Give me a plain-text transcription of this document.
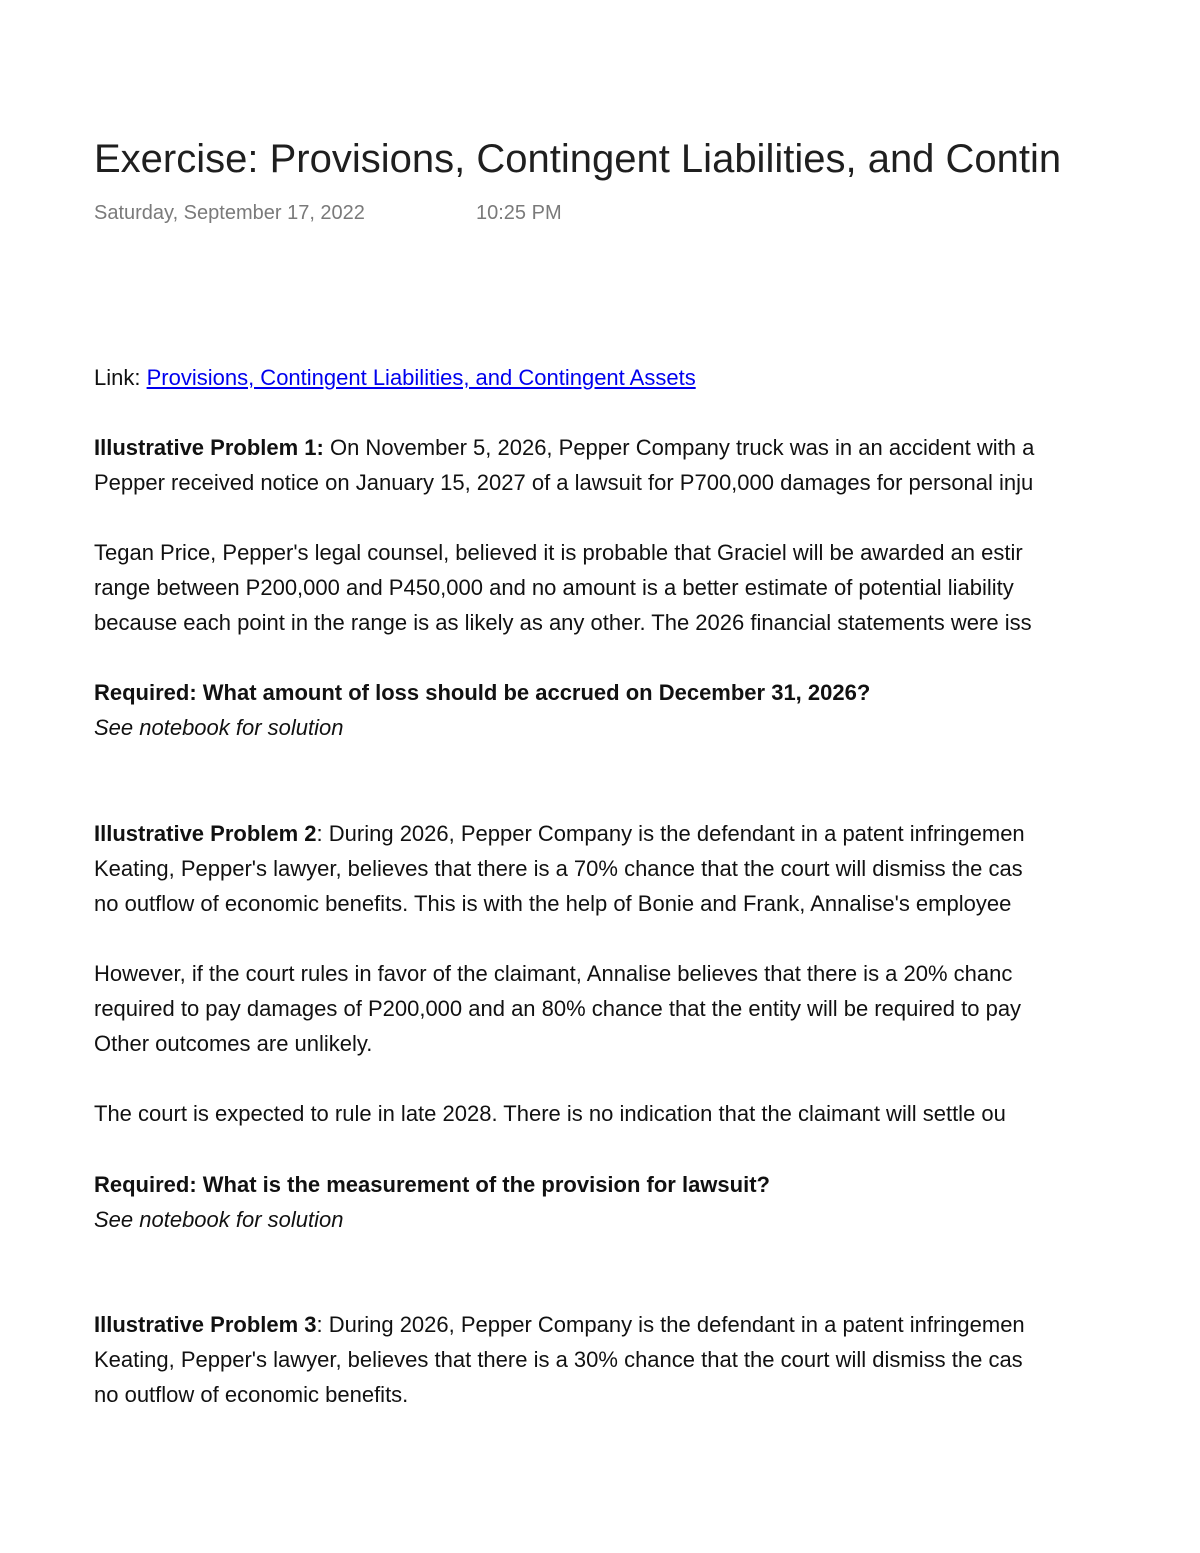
Exercise: Provisions, Contingent Liabilities, and Contin
Saturday, September 17, 2022	10:25 PM
Link: Provisions, Contingent Liabilities, and Contingent Assets
Illustrative Problem 1: On November 5, 2026, Pepper Company truck was in an accident with a
Pepper received notice on January 15, 2027 of a lawsuit for P700,000 damages for personal inju
Tegan Price, Pepper's legal counsel, believed it is probable that Graciel will be awarded an estir
range between P200,000 and P450,000 and no amount is a better estimate of potential liability
because each point in the range is as likely as any other. The 2026 financial statements were iss
Required: What amount of loss should be accrued on December 31, 2026?
See notebook for solution
Illustrative Problem 2: During 2026, Pepper Company is the defendant in a patent infringemen
Keating, Pepper's lawyer, believes that there is a 70% chance that the court will dismiss the cas
no outflow of economic benefits. This is with the help of Bonie and Frank, Annalise's employee
However, if the court rules in favor of the claimant, Annalise believes that there is a 20% chanc
required to pay damages of P200,000 and an 80% chance that the entity will be required to pay
Other outcomes are unlikely.
The court is expected to rule in late 2028. There is no indication that the claimant will settle ou
Required: What is the measurement of the provision for lawsuit?
See notebook for solution
Illustrative Problem 3: During 2026, Pepper Company is the defendant in a patent infringemen
Keating, Pepper's lawyer, believes that there is a 30% chance that the court will dismiss the cas
no outflow of economic benefits.
